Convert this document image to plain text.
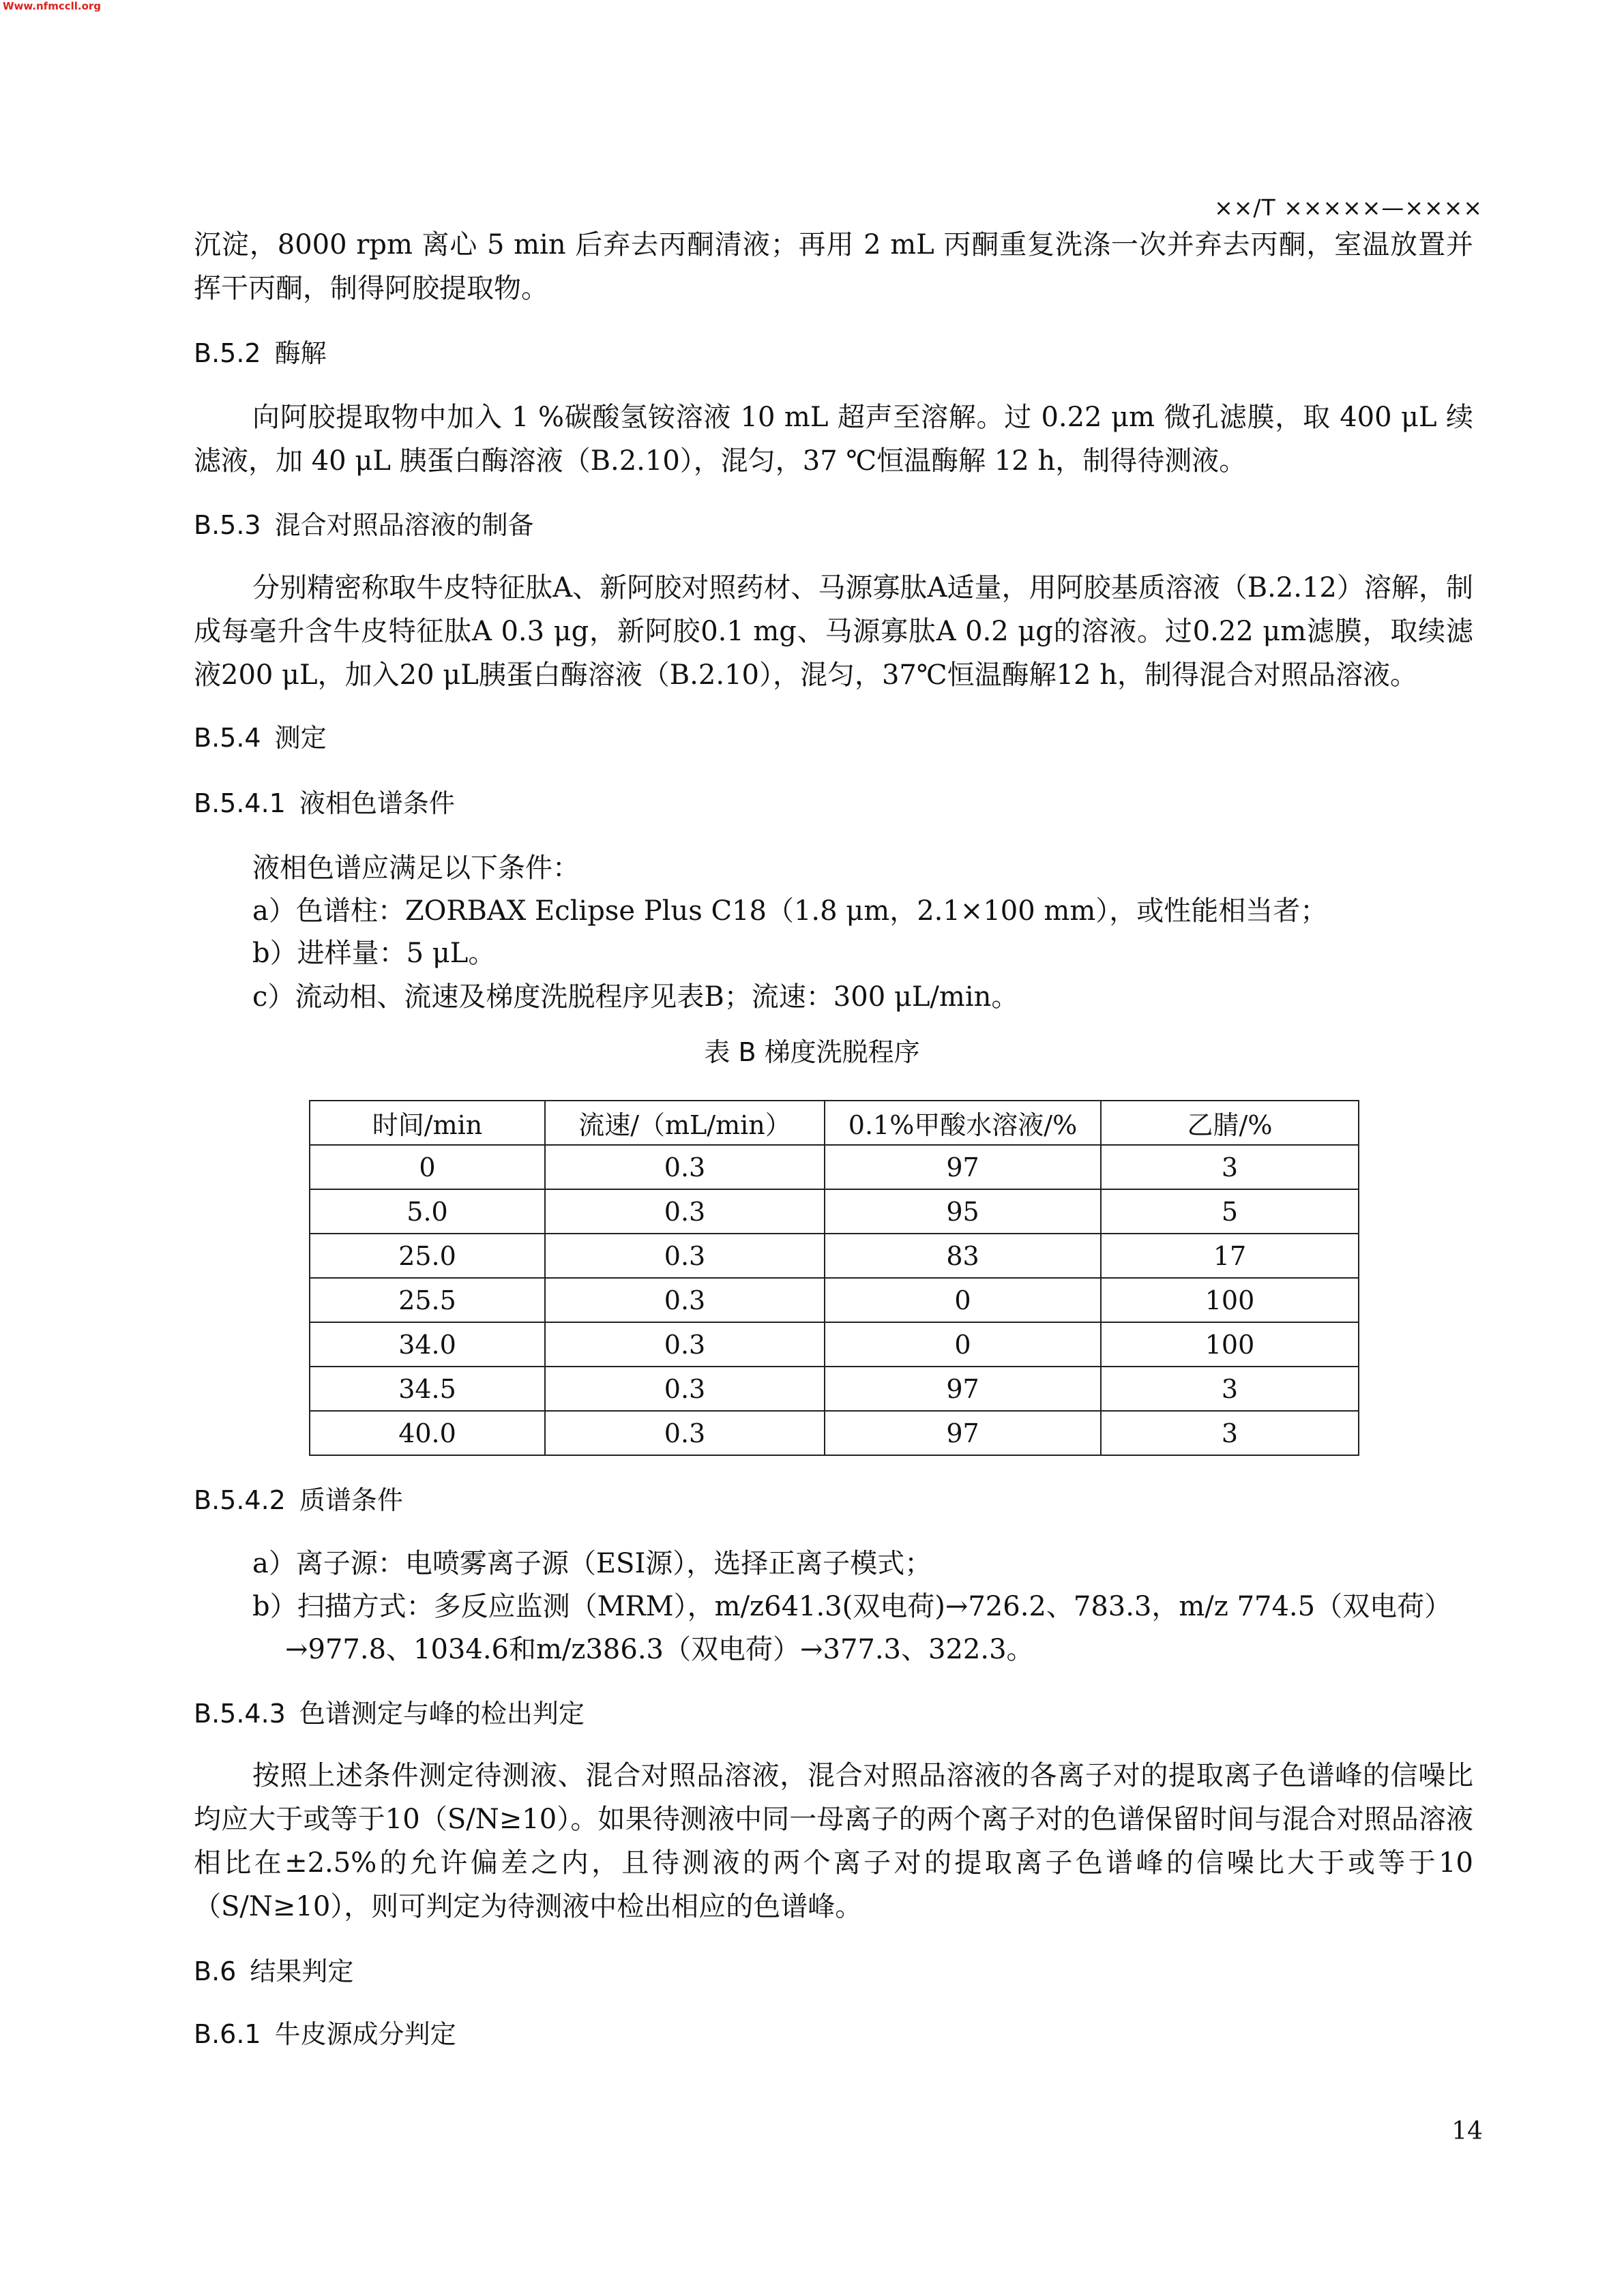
Www.nfmccll.org
××/T ×××××—××××

沉淀，8000 rpm 离心 5 min 后弃去丙酮清液；再用 2 mL 丙酮重复洗涤一次并弃去丙酮，室温放置并挥干丙酮，制得阿胶提取物。

B.5.2 酶解

向阿胶提取物中加入 1 %碳酸氢铵溶液 10 mL 超声至溶解。过 0.22 μm 微孔滤膜，取 400 μL 续滤液，加 40 μL 胰蛋白酶溶液（B.2.10），混匀，37 ℃恒温酶解 12 h，制得待测液。

B.5.3 混合对照品溶液的制备

分别精密称取牛皮特征肽A、新阿胶对照药材、马源寡肽A适量，用阿胶基质溶液（B.2.12）溶解，制成每毫升含牛皮特征肽A 0.3 μg，新阿胶0.1 mg、马源寡肽A 0.2 μg的溶液。过0.22 μm滤膜，取续滤液200 μL，加入20 μL胰蛋白酶溶液（B.2.10），混匀，37℃恒温酶解12 h，制得混合对照品溶液。

B.5.4 测定
B.5.4.1 液相色谱条件

液相色谱应满足以下条件：

a）色谱柱：ZORBAX Eclipse Plus C18（1.8 μm，2.1×100 mm），或性能相当者；

b）进样量：5 μL。

c）流动相、流速及梯度洗脱程序见表B；流速：300 μL/min。

表 B 梯度洗脱程序

时间/min	流速/（mL/min）	0.1%甲酸水溶液/%	乙腈/%
0	0.3	97	3
5.0	0.3	95	5
25.0	0.3	83	17
25.5	0.3	0	100
34.0	0.3	0	100
34.5	0.3	97	3
40.0	0.3	97	3
B.5.4.2 质谱条件

a）离子源：电喷雾离子源（ESI源），选择正离子模式；

b）扫描方式：多反应监测（MRM），m/z641.3(双电荷)→726.2、783.3，m/z 774.5（双电荷）

→977.8、1034.6和m/z386.3（双电荷）→377.3、322.3。

B.5.4.3 色谱测定与峰的检出判定

按照上述条件测定待测液、混合对照品溶液，混合对照品溶液的各离子对的提取离子色谱峰的信噪比均应大于或等于10（S/N≥10）。如果待测液中同一母离子的两个离子对的色谱保留时间与混合对照品溶液相比在±2.5%的允许偏差之内，且待测液的两个离子对的提取离子色谱峰的信噪比大于或等于10（S/N≥10），则可判定为待测液中检出相应的色谱峰。

B.6 结果判定
B.6.1 牛皮源成分判定
14
